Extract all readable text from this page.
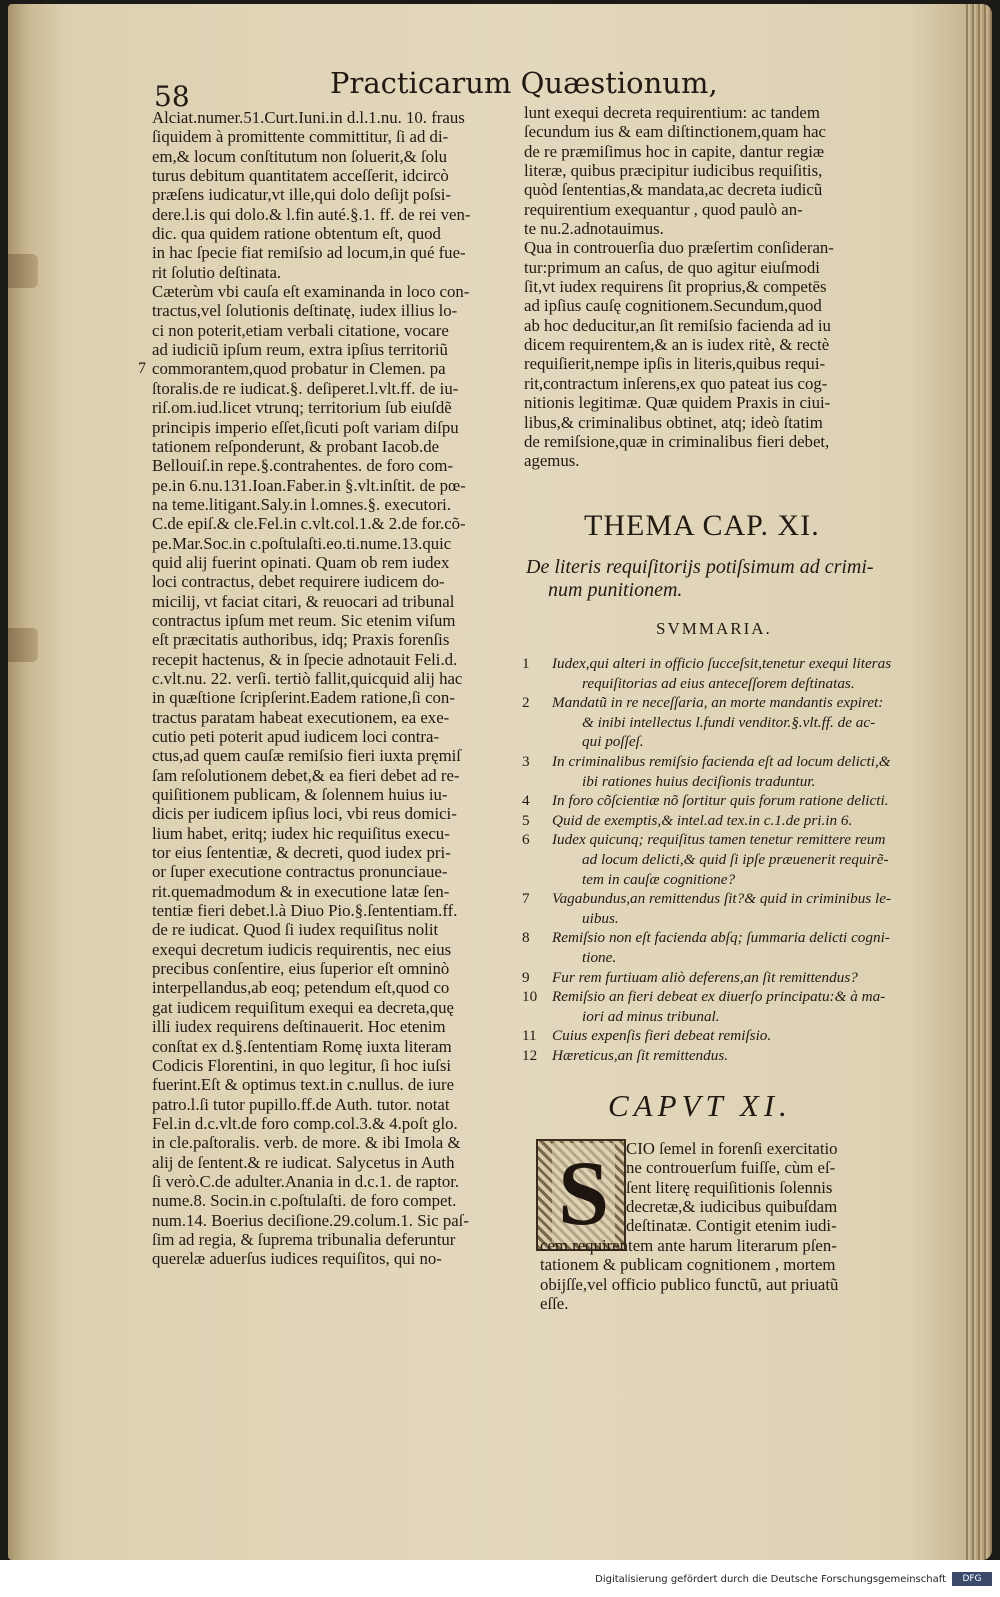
58	Practicarum Quæstionum,
Alciat.numer.51.Curt.Iuni.in d.l.1.nu. 10. fraus
ſiquidem à promittente committitur, ſi ad di-
em,& locum conſtitutum non ſoluerit,& ſolu
turus debitum quantitatem acceſſerit, idcircò
præſens iudicatur,vt ille,qui dolo deſijt poſsi-
dere.l.is qui dolo.& l.fin auté.§.1. ff. de rei ven-
dic. qua quidem ratione obtentum eſt, quod
in hac ſpecie fiat remiſsio ad locum,in qué fue-
rit ſolutio deſtinata.
Cæterùm vbi cauſa eſt examinanda in loco con-
tractus,vel ſolutionis deſtinatę, iudex illius lo-
ci non poterit,etiam verbali citatione, vocare
ad iudiciũ ipſum reum, extra ipſius territoriũ
commorantem,quod probatur in Clemen. pa
ſtoralis.de re iudicat.§. deſiperet.l.vlt.ff. de iu-
riſ.om.iud.licet vtrunq; territorium ſub eiuſdẽ
principis imperio eſſet,ſicuti poſt variam diſpu
tationem reſponderunt, & probant Iacob.de
Bellouiſ.in repe.§.contrahentes. de foro com-
pe.in 6.nu.131.Ioan.Faber.in §.vlt.inſtit. de pœ-
na teme.litigant.Saly.in l.omnes.§. executori.
C.de epiſ.& cle.Fel.in c.vlt.col.1.& 2.de for.cõ-
pe.Mar.Soc.in c.poſtulaſti.eo.ti.nume.13.quic
quid alij fuerint opinati. Quam ob rem iudex
loci contractus, debet requirere iudicem do-
micilij, vt faciat citari, & reuocari ad tribunal
contractus ipſum met reum. Sic etenim viſum
eſt præcitatis authoribus, idq; Praxis forenſis
recepit hactenus, & in ſpecie adnotauit Feli.d.
c.vlt.nu. 22. verſi. tertiò fallit,quicquid alij hac
in quæſtione ſcripſerint.Eadem ratione,ſi con-
tractus paratam habeat executionem, ea exe-
cutio peti poterit apud iudicem loci contra-
ctus,ad quem cauſæ remiſsio fieri iuxta pręmiſ
ſam reſolutionem debet,& ea fieri debet ad re-
quiſitionem publicam, & ſolennem huius iu-
dicis per iudicem ipſius loci, vbi reus domici-
lium habet, eritq; iudex hic requiſitus execu-
tor eius ſententiæ, & decreti, quod iudex pri-
or ſuper executione contractus pronunciaue-
rit.quemadmodum & in executione latæ ſen-
tentiæ fieri debet.l.à Diuo Pio.§.ſententiam.ff.
de re iudicat. Quod ſi iudex requiſitus nolit
exequi decretum iudicis requirentis, nec eius
precibus conſentire, eius ſuperior eſt omninò
interpellandus,ab eoq; petendum eſt,quod co
gat iudicem requiſitum exequi ea decreta,quę
illi iudex requirens deſtinauerit. Hoc etenim
conſtat ex d.§.ſententiam Romę iuxta literam
Codicis Florentini, in quo legitur, ſi hoc iuſsi
fuerint.Eſt & optimus text.in c.nullus. de iure
patro.l.ſi tutor pupillo.ff.de Auth. tutor. notat
Fel.in d.c.vlt.de foro comp.col.3.& 4.poſt glo.
in cle.paſtoralis. verb. de more. & ibi Imola &
alij de ſentent.& re iudicat. Salycetus in Auth
ſi verò.C.de adulter.Anania in d.c.1. de raptor.
nume.8. Socin.in c.poſtulaſti. de foro compet.
num.14. Boerius deciſione.29.colum.1. Sic paſ-
ſim ad regia, & ſuprema tribunalia deferuntur
querelæ aduerſus iudices requiſitos, qui no-
7
lunt exequi decreta requirentium: ac tandem
ſecundum ius & eam diſtinctionem,quam hac
de re præmiſimus hoc in capite, dantur regiæ
literæ, quibus præcipitur iudicibus requiſitis,
quòd ſententias,& mandata,ac decreta iudicũ
requirentium exequantur , quod paulò an-
te nu.2.adnotauimus.
Qua in controuerſia duo præſertim conſideran-
tur:primum an caſus, de quo agitur eiuſmodi
ſit,vt iudex requirens ſit proprius,& competēs
ad ipſius cauſę cognitionem.Secundum,quod
ab hoc deducitur,an ſit remiſsio facienda ad iu
dicem requirentem,& an is iudex ritè, & rectè
requiſierit,nempe ipſis in literis,quibus requi-
rit,contractum inſerens,ex quo pateat ius cog-
nitionis legitimæ. Quæ quidem Praxis in ciui-
libus,& criminalibus obtinet, atq; ideò ſtatim
de remiſsione,quæ in criminalibus fieri debet,
agemus.
THEMA CAP. XI.
De literis requiſitorijs potiſsimum ad crimi-
num punitionem.
SVMMARIA.
1	Iudex,qui alteri in officio ſucceſsit,tenetur exequi literas
requiſitorias ad eius anteceſſorem deſtinatas.
2	Mandatũ in re neceſſaria, an morte mandantis expiret:
& inibi intellectus l.fundi venditor.§.vlt.ff. de ac-
qui poſſeſ.
3	In criminalibus remiſsio facienda eſt ad locum delicti,&
ibi rationes huius deciſionis traduntur.
4	In foro cõſcientiæ nõ ſortitur quis forum ratione delicti.
5	Quid de exemptis,& intel.ad tex.in c.1.de pri.in 6.
6	Iudex quicunq; requiſitus tamen tenetur remittere reum
ad locum delicti,& quid ſi ipſe præuenerit requirẽ-
tem in cauſæ cognitione?
7	Vagabundus,an remittendus ſit?& quid in criminibus le-
uibus.
8	Remiſsio non eſt facienda abſq; ſummaria delicti cogni-
tione.
9	Fur rem furtiuam aliò deferens,an ſit remittendus?
10 Remiſsio an fieri debeat ex diuerſo principatu:& à ma-
iori ad minus tribunal.
11	Cuius expenſis fieri debeat remiſsio.
12 Hæreticus,an ſit remittendus.
CAPVT XI.
S	CIO ſemel in forenſi exercitatio
ne controuerſum fuiſſe, cùm eſ-
ſent literę requiſitionis ſolennis
decretæ,& iudicibus quibuſdam
deſtinatæ. Contigit etenim iudi-
cem requirentem ante harum literarum pſen-
tationem & publicam cognitionem , mortem
obijſſe,vel officio publico functũ, aut priuatũ
eſſe.
Digitalisierung gefördert durch die Deutsche Forschungsgemeinschaft	DFG
